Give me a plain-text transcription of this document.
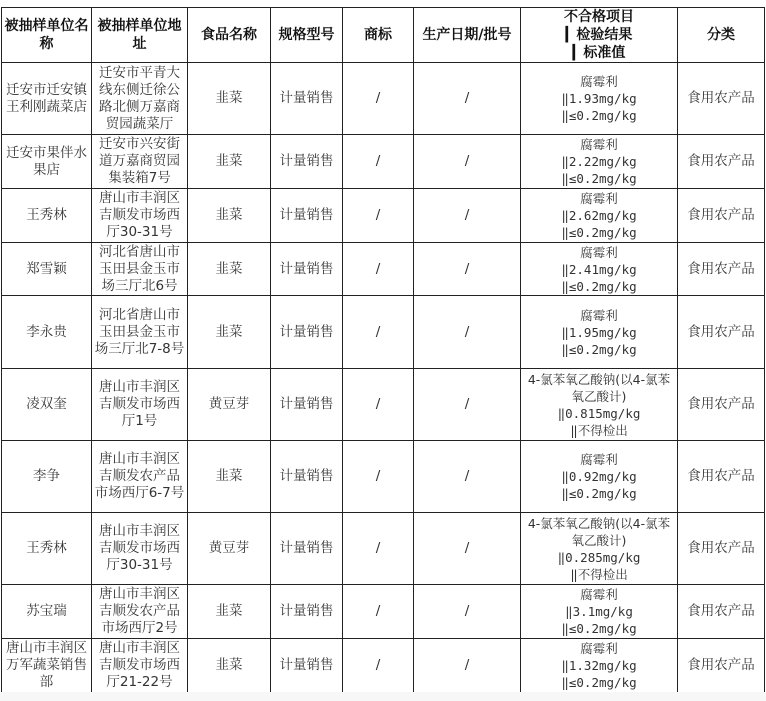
被抽样单位名称	被抽样单位地址	食品名称	规格型号	商标	生产日期/批号	不合格项目
▎检验结果
▎标准值	分类
迁安市迁安镇王利刚蔬菜店	迁安市平青大线东侧迁徐公路北侧万嘉商贸园蔬菜厅	韭菜	计量销售	/	/	腐霉利
‖1.93mg/kg
‖≤0.2mg/kg	食用农产品
迁安市果伴水果店	迁安市兴安街道万嘉商贸园集装箱7号	韭菜	计量销售	/	/	腐霉利
‖2.22mg/kg
‖≤0.2mg/kg	食用农产品
王秀林	唐山市丰润区吉顺发市场西厅30-31号	韭菜	计量销售	/	/	腐霉利
‖2.62mg/kg
‖≤0.2mg/kg	食用农产品
郑雪颖	河北省唐山市玉田县金玉市场三厅北6号	韭菜	计量销售	/	/	腐霉利
‖2.41mg/kg
‖≤0.2mg/kg	食用农产品
李永贵	河北省唐山市玉田县金玉市场三厅北7-8号	韭菜	计量销售	/	/	腐霉利
‖1.95mg/kg
‖≤0.2mg/kg	食用农产品
凌双奎	唐山市丰润区吉顺发市场西厅1号	黄豆芽	计量销售	/	/	4-氯苯氧乙酸钠(以4-氯苯氧乙酸计)
‖0.815mg/kg
‖不得检出	食用农产品
李争	唐山市丰润区吉顺发农产品市场西厅6-7号	韭菜	计量销售	/	/	腐霉利
‖0.92mg/kg
‖≤0.2mg/kg	食用农产品
王秀林	唐山市丰润区吉顺发市场西厅30-31号	黄豆芽	计量销售	/	/	4-氯苯氧乙酸钠(以4-氯苯氧乙酸计)
‖0.285mg/kg
‖不得检出	食用农产品
苏宝瑞	唐山市丰润区吉顺发农产品市场西厅2号	韭菜	计量销售	/	/	腐霉利
‖3.1mg/kg
‖≤0.2mg/kg	食用农产品
唐山市丰润区万军蔬菜销售部	唐山市丰润区吉顺发市场西厅21-22号	韭菜	计量销售	/	/	腐霉利
‖1.32mg/kg
‖≤0.2mg/kg	食用农产品
